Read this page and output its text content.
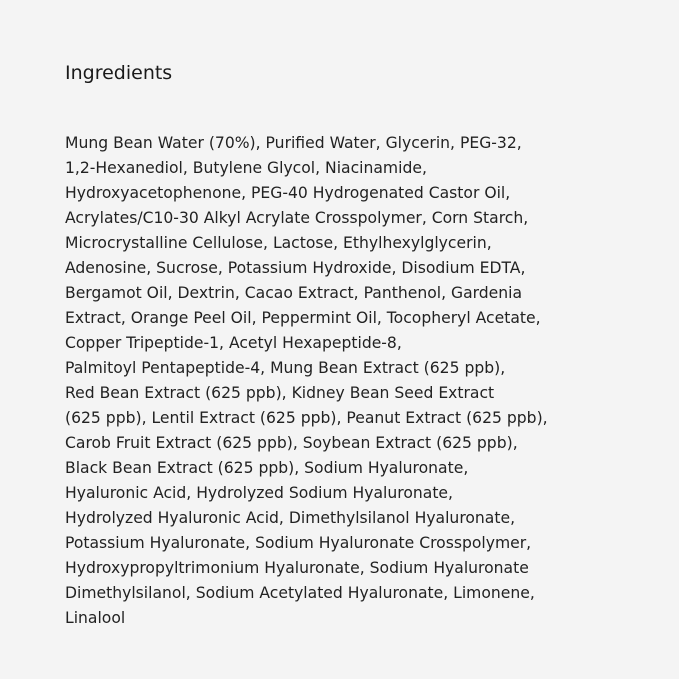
Ingredients
Mung Bean Water (70%), Purified Water, Glycerin, PEG-32,
1,2-Hexanediol, Butylene Glycol, Niacinamide,
Hydroxyacetophenone, PEG-40 Hydrogenated Castor Oil,
Acrylates/C10-30 Alkyl Acrylate Crosspolymer, Corn Starch,
Microcrystalline Cellulose, Lactose, Ethylhexylglycerin,
Adenosine, Sucrose, Potassium Hydroxide, Disodium EDTA,
Bergamot Oil, Dextrin, Cacao Extract, Panthenol, Gardenia
Extract, Orange Peel Oil, Peppermint Oil, Tocopheryl Acetate,
Copper Tripeptide-1, Acetyl Hexapeptide-8,
Palmitoyl Pentapeptide-4, Mung Bean Extract (625 ppb),
Red Bean Extract (625 ppb), Kidney Bean Seed Extract
(625 ppb), Lentil Extract (625 ppb), Peanut Extract (625 ppb),
Carob Fruit Extract (625 ppb), Soybean Extract (625 ppb),
Black Bean Extract (625 ppb), Sodium Hyaluronate,
Hyaluronic Acid, Hydrolyzed Sodium Hyaluronate,
Hydrolyzed Hyaluronic Acid, Dimethylsilanol Hyaluronate,
Potassium Hyaluronate, Sodium Hyaluronate Crosspolymer,
Hydroxypropyltrimonium Hyaluronate, Sodium Hyaluronate
Dimethylsilanol, Sodium Acetylated Hyaluronate, Limonene,
Linalool
